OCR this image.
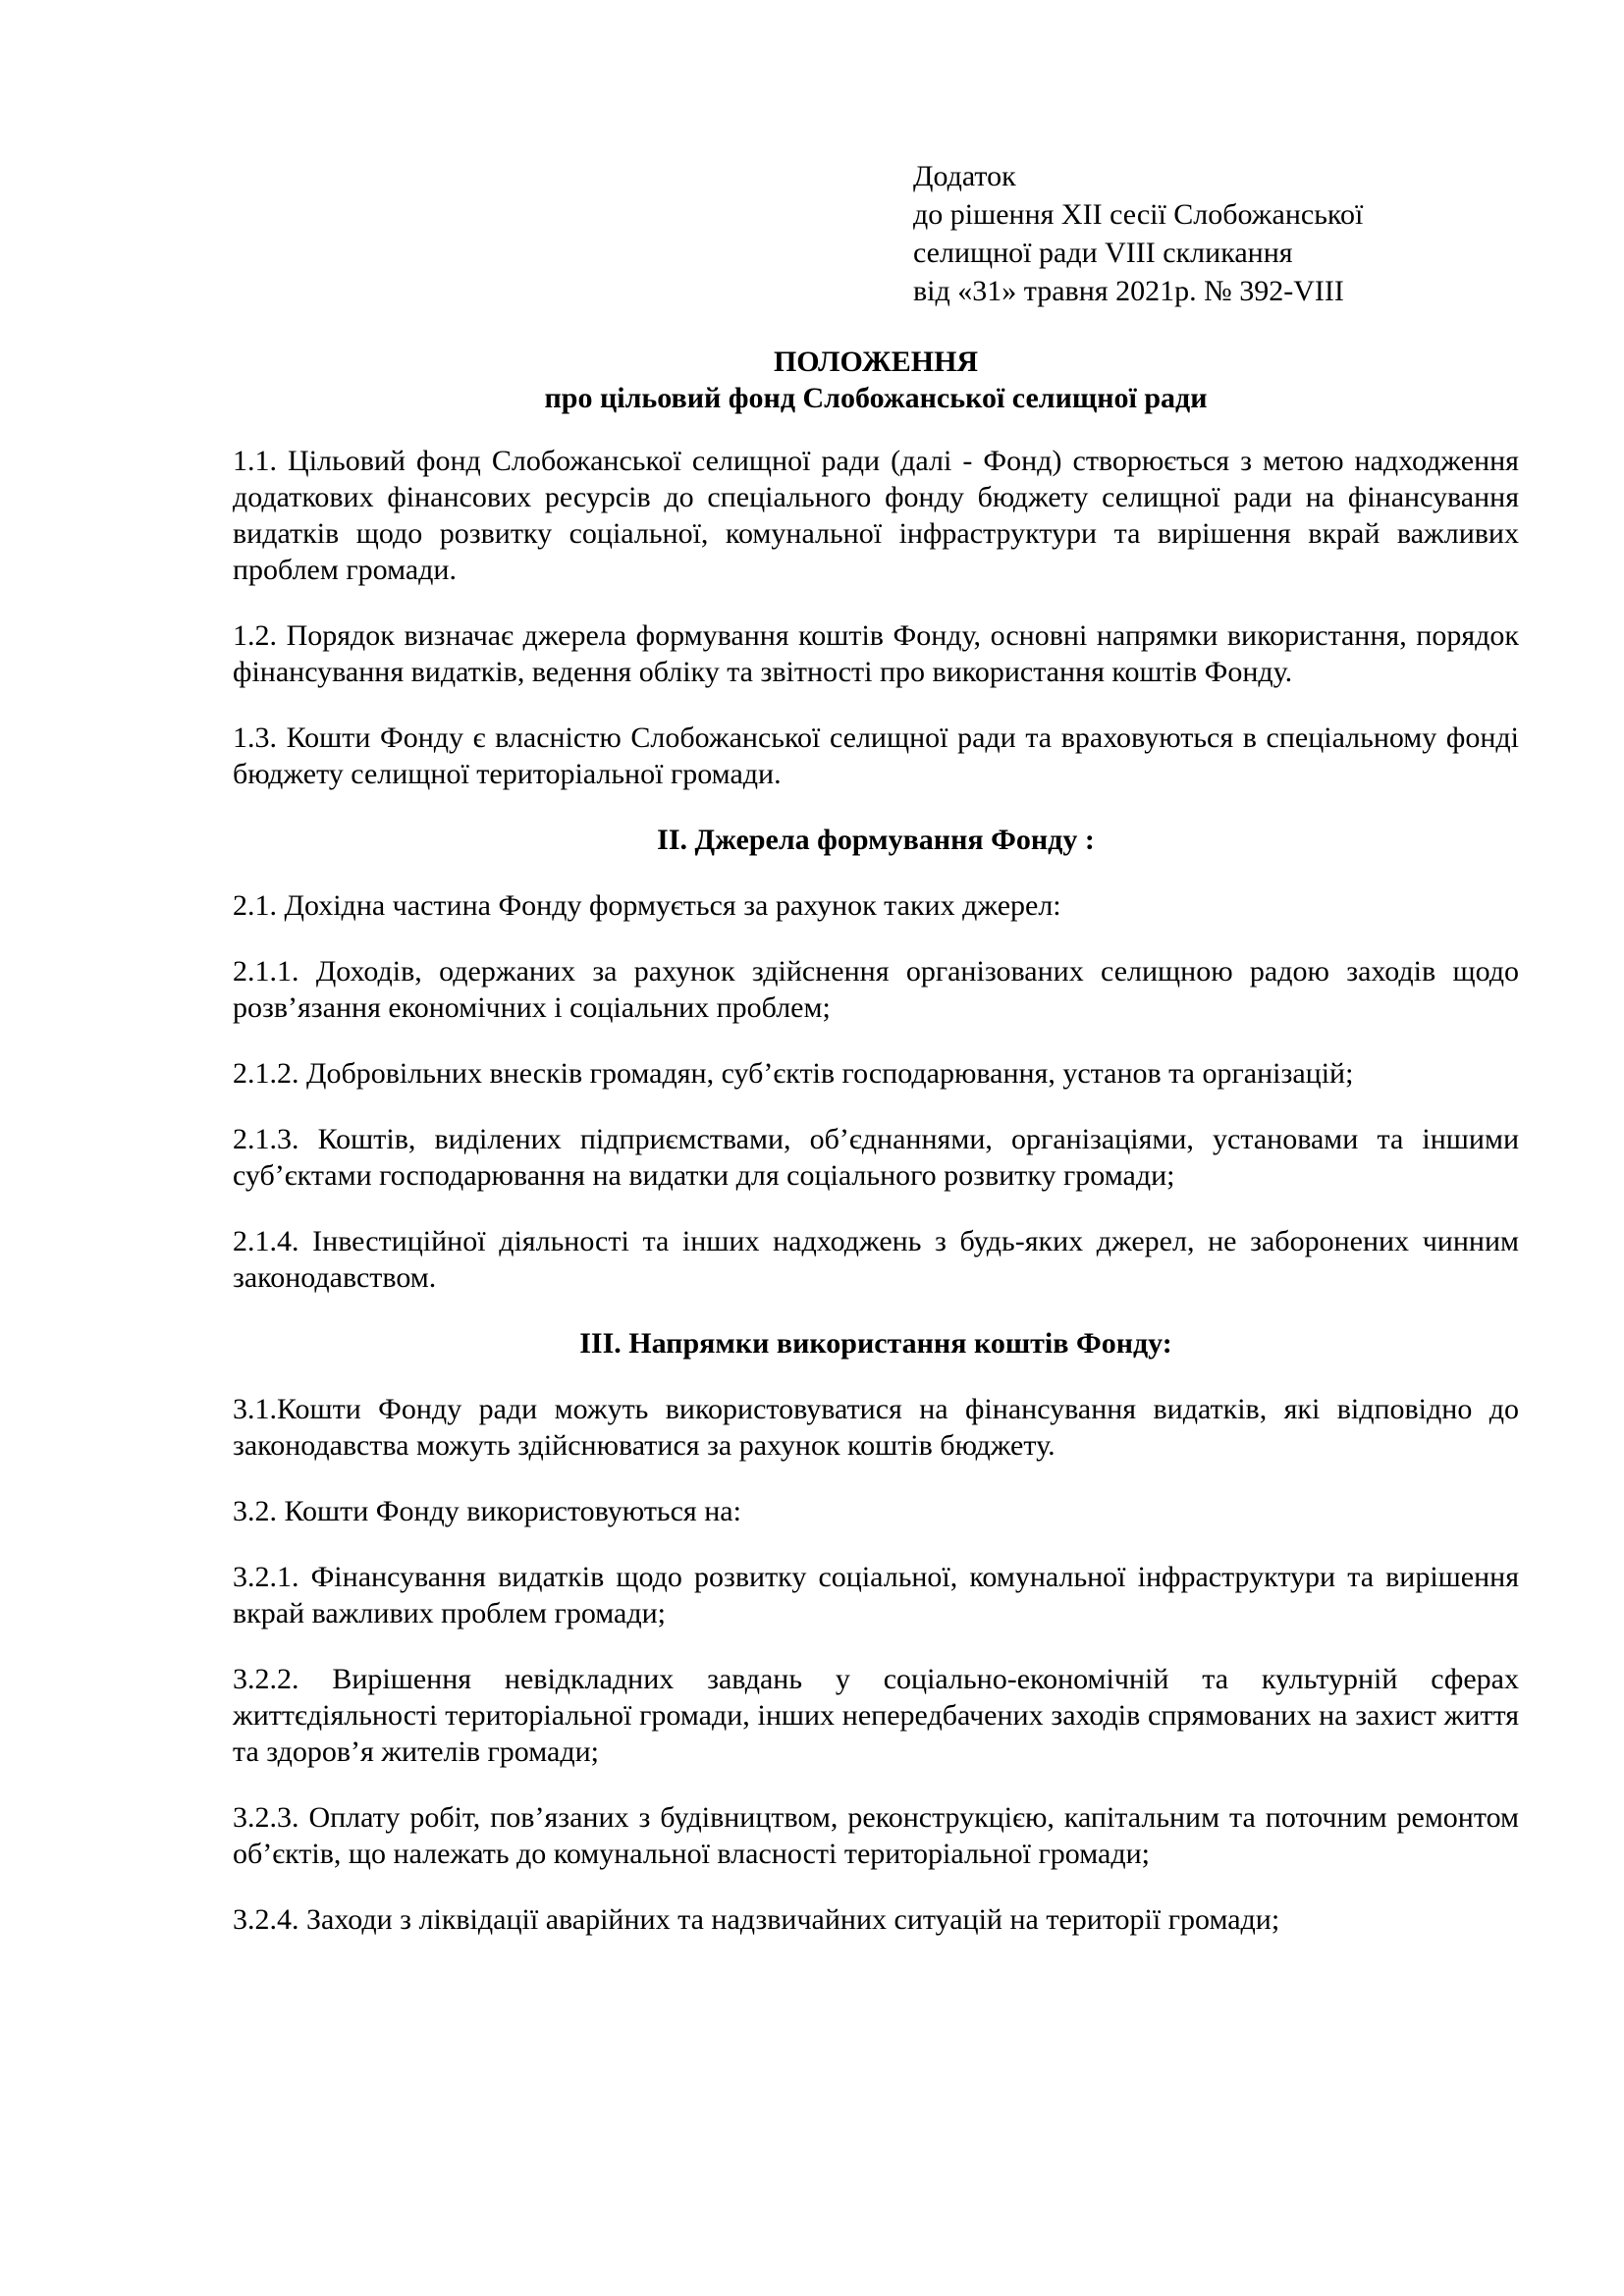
Додаток
до рішення XII сесії Слобожанської
селищної ради VIII скликання
від «31» травня 2021р. № 392-VIII
ПОЛОЖЕННЯ
про цільовий фонд Слобожанської селищної ради

1.1. Цільовий фонд Слобожанської селищної ради (далі - Фонд) створюється з метою надходження додаткових фінансових ресурсів до спеціального фонду бюджету селищної ради на фінансування видатків щодо розвитку соціальної, комунальної інфраструктури та вирішення вкрай важливих проблем громади.

1.2. Порядок визначає джерела формування коштів Фонду, основні напрямки використання, порядок фінансування видатків, ведення обліку та звітності про використання коштів Фонду.

1.3. Кошти Фонду є власністю Слобожанської селищної ради та враховуються в спеціальному фонді бюджету селищної територіальної громади.

ІІ. Джерела формування Фонду :

2.1. Дохідна частина Фонду формується за рахунок таких джерел:

2.1.1. Доходів, одержаних за рахунок здійснення організованих селищною радою заходів щодо розв’язання економічних і соціальних проблем;

2.1.2. Добровільних внесків громадян, суб’єктів господарювання, установ та організацій;

2.1.3. Коштів, виділених підприємствами, об’єднаннями, організаціями, установами та іншими суб’єктами господарювання на видатки для соціального розвитку громади;

2.1.4. Інвестиційної діяльності та інших надходжень з будь-яких джерел, не заборонених чинним законодавством.

ІІІ. Напрямки використання коштів Фонду:

3.1.Кошти Фонду ради можуть використовуватися на фінансування видатків, які відповідно до законодавства можуть здійснюватися за рахунок коштів бюджету.

3.2. Кошти Фонду використовуються на:

3.2.1. Фінансування видатків щодо розвитку соціальної, комунальної інфраструктури та вирішення вкрай важливих проблем громади;

3.2.2. Вирішення невідкладних завдань у соціально-економічній та культурній сферах життєдіяльності територіальної громади, інших непередбачених заходів спрямованих на захист життя та здоров’я жителів громади;

3.2.3. Оплату робіт, пов’язаних з будівництвом, реконструкцією, капітальним та поточним ремонтом об’єктів, що належать до комунальної власності територіальної громади;

3.2.4. Заходи з ліквідації аварійних та надзвичайних ситуацій на території громади;
